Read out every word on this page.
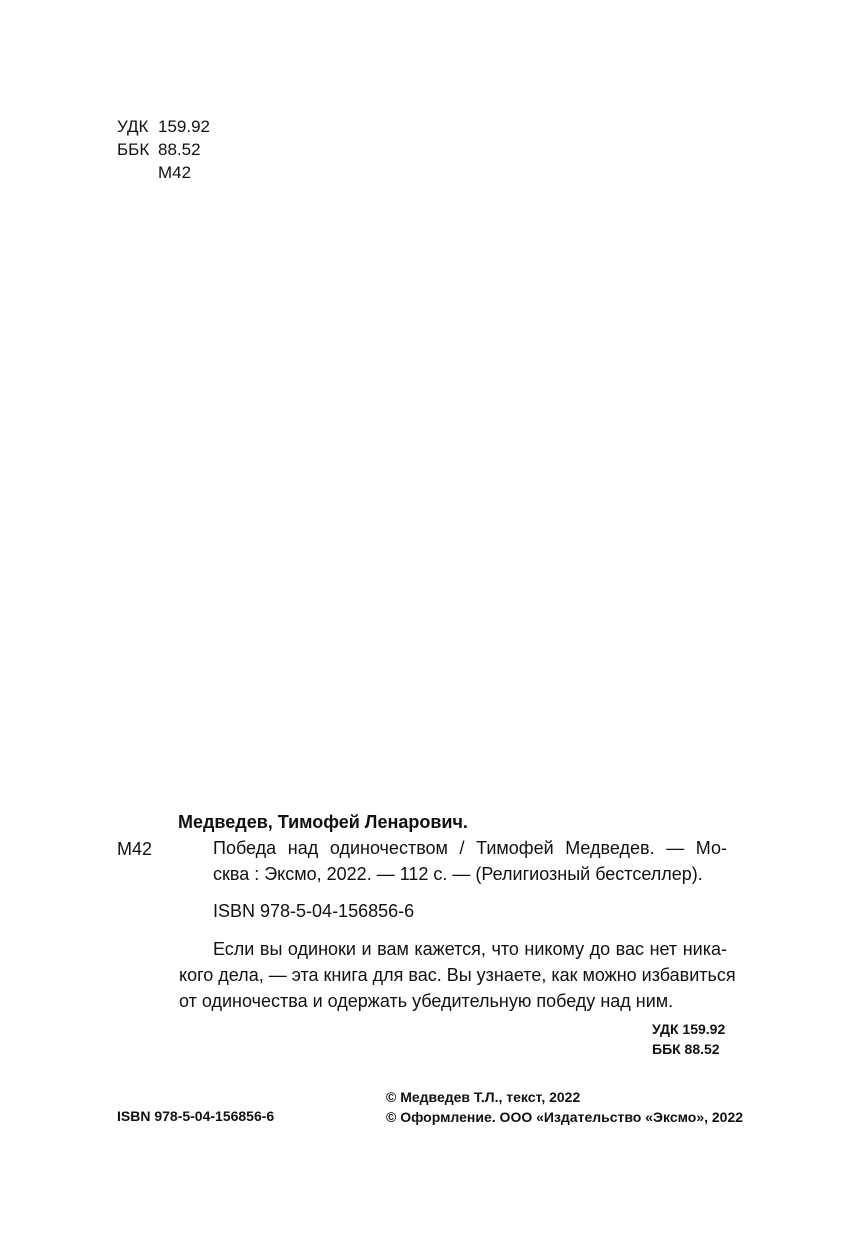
УДК 159.92
ББК 88.52
М42
Медведев, Тимофей Ленарович.
М42	Победа над одиночеством / Тимофей Медведев. — Мо-
сква : Эксмо, 2022. — 112 с. — (Религиозный бестселлер).
ISBN 978-5-04-156856-6
Если вы одиноки и вам кажется, что никому до вас нет ника-
кого дела, — эта книга для вас. Вы узнаете, как можно избавиться
от одиночества и одержать убедительную победу над ним.
УДК 159.92
ББК 88.52
ISBN 978-5-04-156856-6
© Медведев Т.Л., текст, 2022
© Оформление. ООО «Издательство «Эксмо», 2022
